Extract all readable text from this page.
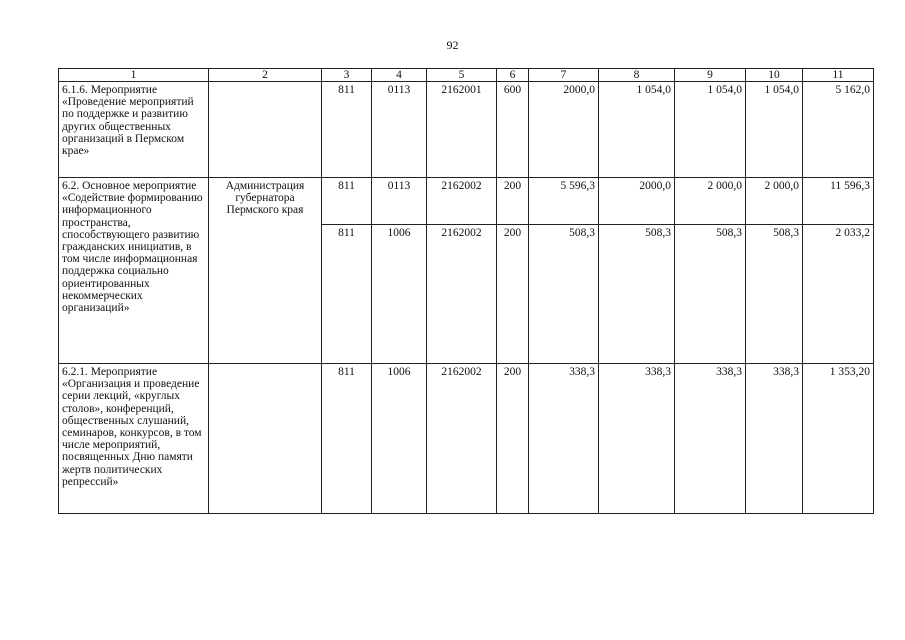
92
1	2	3	4	5	6	7	8	9	10	11
6.1.6. Мероприятие «Проведение мероприятий по поддержке и развитию других общественных организаций в Пермском крае»		811	0113	2162001	600	2000,0	1 054,0	1 054,0	1 054,0	5 162,0
6.2. Основное мероприятие «Содействие формированию информационного пространства, способствующего развитию гражданских инициатив, в том числе информационная поддержка социально ориентированных некоммерческих организаций»	Администрация губернатора Пермского края	811	0113	2162002	200	5 596,3	2000,0	2 000,0	2 000,0	11 596,3
		811	1006	2162002	200	508,3	508,3	508,3	508,3	2 033,2
6.2.1. Мероприятие «Организация и проведение серии лекций, «круглых столов», конференций, общественных слушаний, семинаров, конкурсов, в том числе мероприятий, посвященных Дню памяти жертв политических репрессий»		811	1006	2162002	200	338,3	338,3	338,3	338,3	1 353,20
